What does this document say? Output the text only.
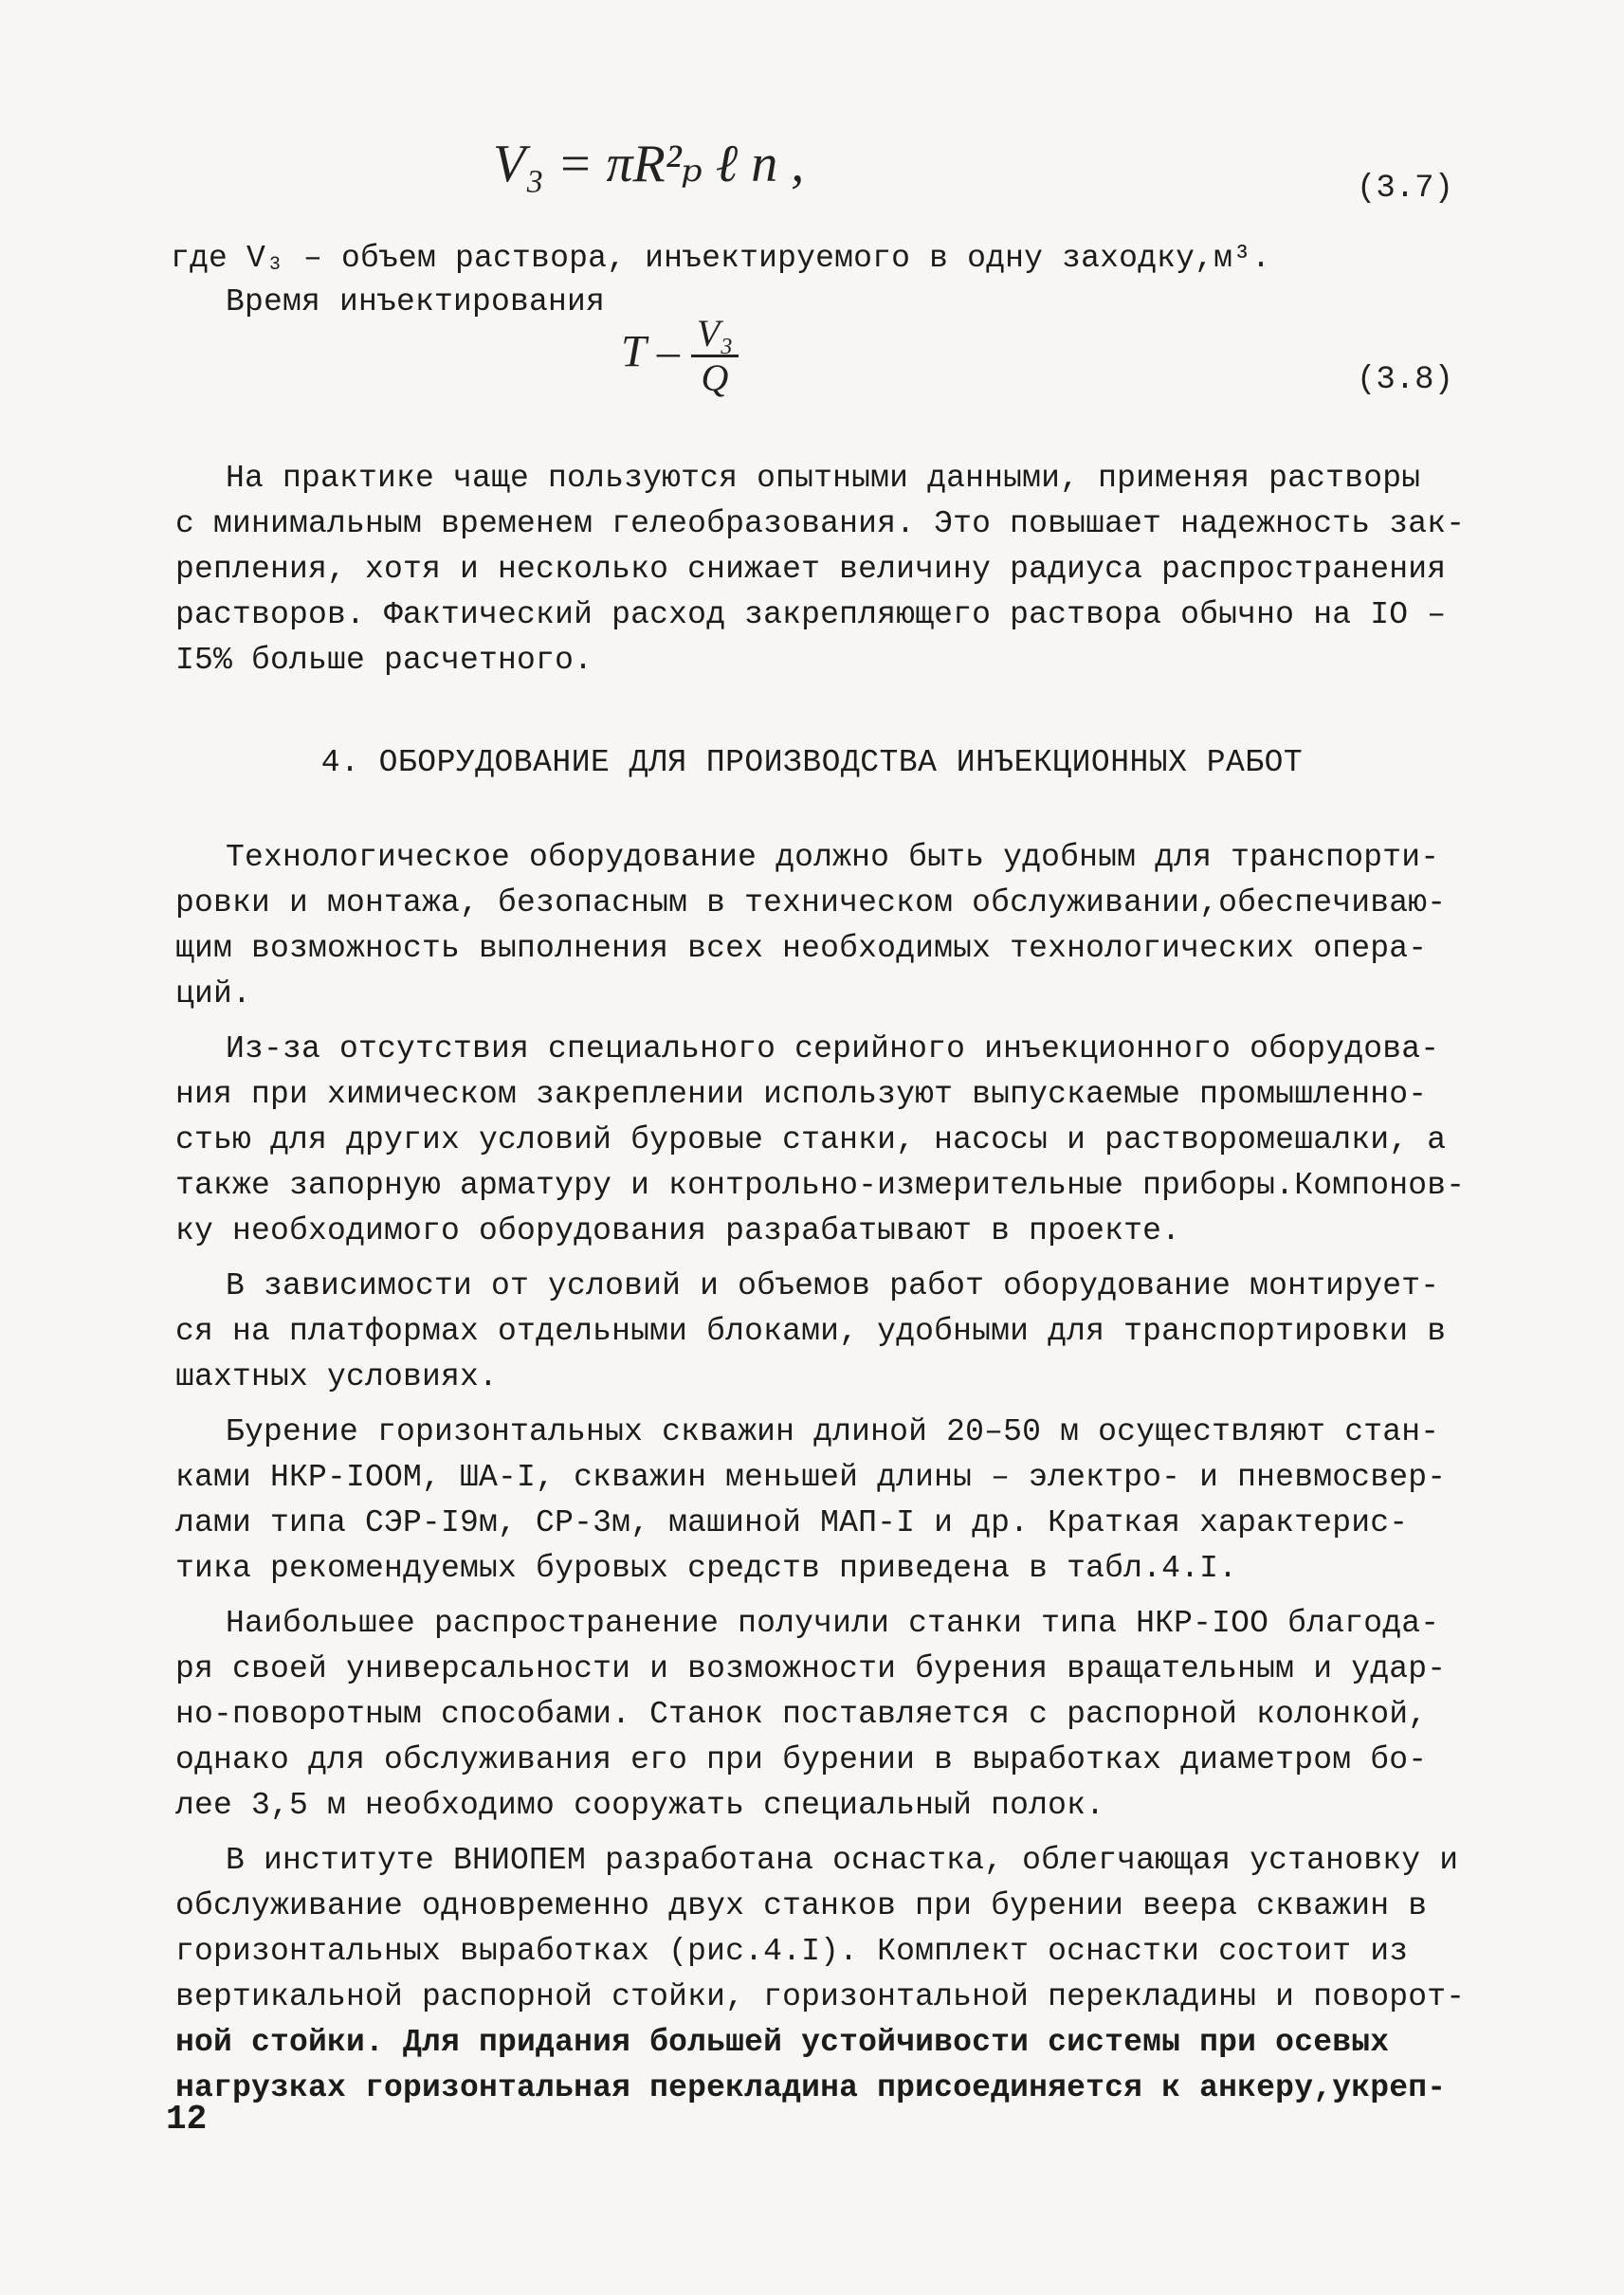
V₃ = πR²ₚ ℓ n ,	(3.7)
где V₃ – объем раствора, инъектируемого в одну заходку,м³.
Время инъектирования
T – $\frac{\text{V₃}}{Q}$	(3.8)
На практике чаще пользуются опытными данными, применяя растворы
с минимальным временем гелеобразования. Это повышает надежность зак-
репления, хотя и несколько снижает величину радиуса распространения
растворов. Фактический расход закрепляющего раствора обычно на IO –
I5% больше расчетного.
4. ОБОРУДОВАНИЕ ДЛЯ ПРОИЗВОДСТВА ИНЪЕКЦИОННЫХ РАБОТ
Технологическое оборудование должно быть удобным для транспорти-
ровки и монтажа, безопасным в техническом обслуживании,обеспечиваю-
щим возможность выполнения всех необходимых технологических опера-
ций.
Из-за отсутствия специального серийного инъекционного оборудова-
ния при химическом закреплении используют выпускаемые промышленно-
стью для других условий буровые станки, насосы и растворомешалки, а
также запорную арматуру и контрольно-измерительные приборы.Компонов-
ку необходимого оборудования разрабатывают в проекте.
В зависимости от условий и объемов работ оборудование монтирует-
ся на платформах отдельными блоками, удобными для транспортировки в
шахтных условиях.
Бурение горизонтальных скважин длиной 20–50 м осуществляют стан-
ками НКР-IOOМ, ША-I, скважин меньшей длины – электро- и пневмосвер-
лами типа СЭР-I9м, СР-3м, машиной МАП-I и др. Краткая характерис-
тика рекомендуемых буровых средств приведена в табл.4.I.
Наибольшее распространение получили станки типа НКР-IOO благода-
ря своей универсальности и возможности бурения вращательным и удар-
но-поворотным способами. Станок поставляется с распорной колонкой,
однако для обслуживания его при бурении в выработках диаметром бо-
лее 3,5 м необходимо сооружать специальный полок.
В институте ВНИОПЕМ разработана оснастка, облегчающая установку и
обслуживание одновременно двух станков при бурении веера скважин в
горизонтальных выработках (рис.4.I). Комплект оснастки состоит из
вертикальной распорной стойки, горизонтальной перекладины и поворот-
ной стойки. Для придания большей устойчивости системы при осевых
нагрузках горизонтальная перекладина присоединяется к анкеру,укреп-
12
